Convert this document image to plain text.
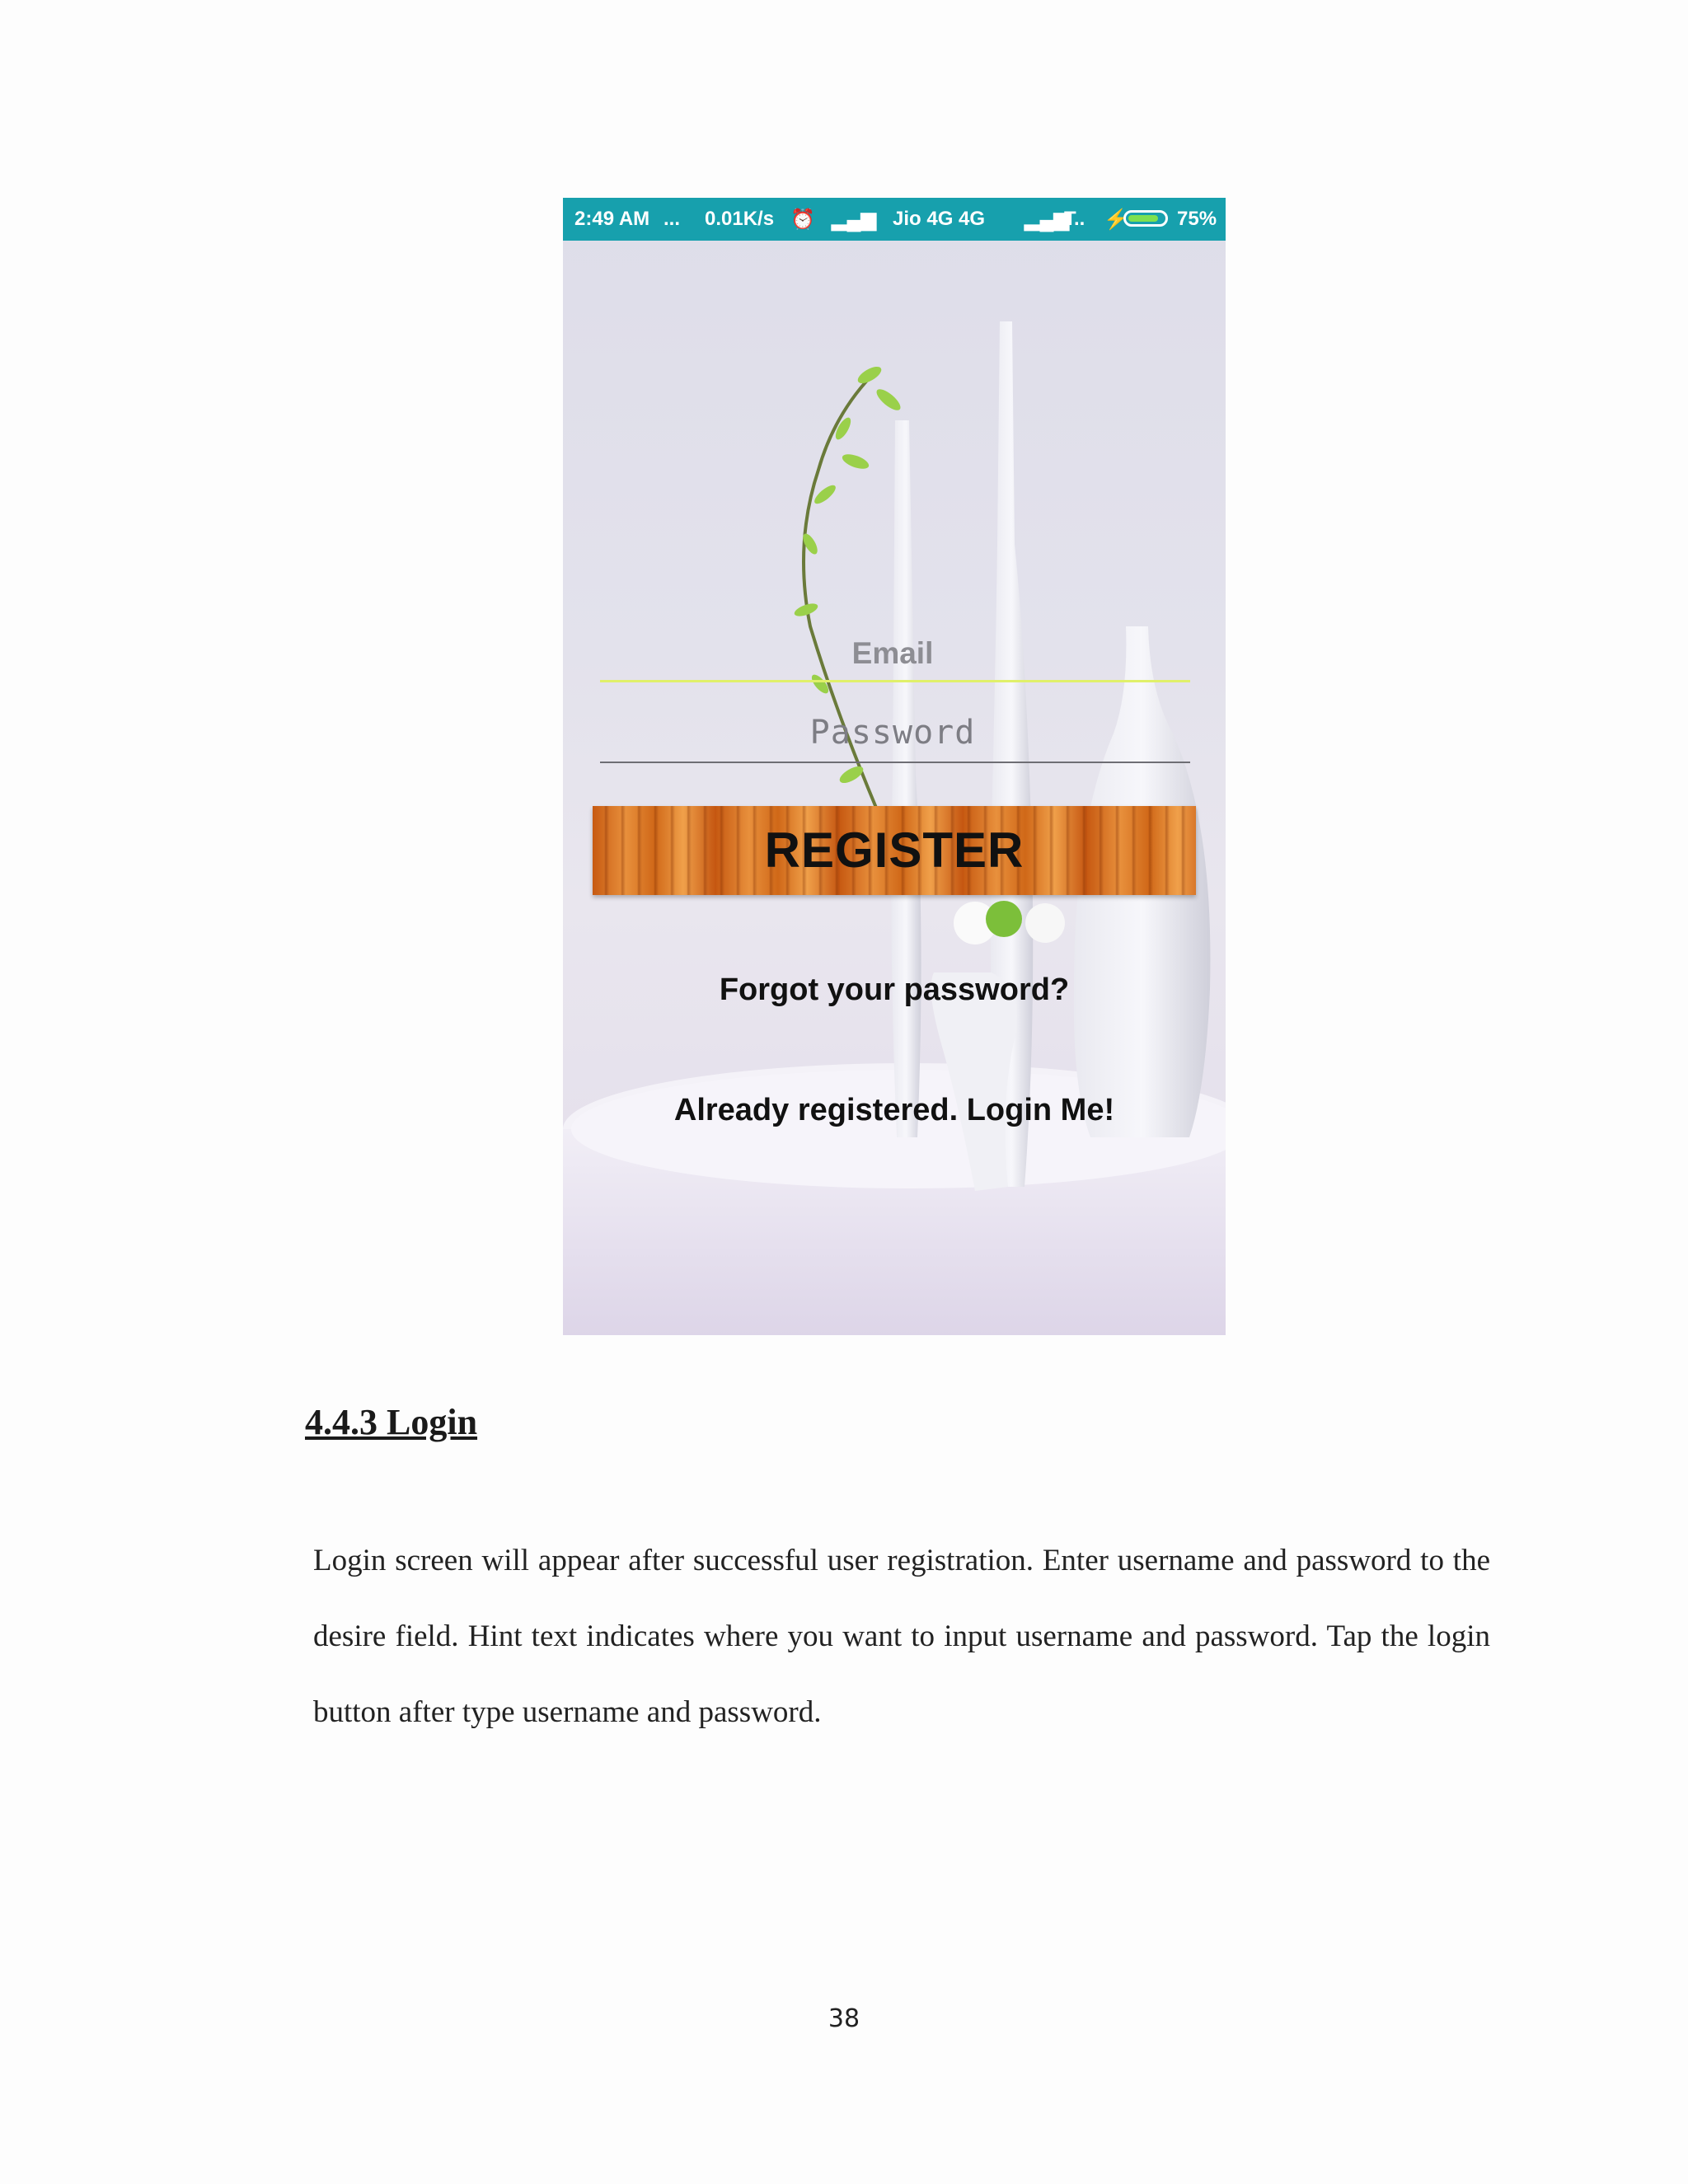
2:49 AM ... 0.01K/s ⏰ ▂▄▆ Jio 4G 4G ▂▄▆
T.. ⚡ 75%
Email
Password
REGISTER
Forgot your password?
Already registered. Login Me!
4.4.3 Login
Login screen will appear after successful user registration. Enter username and password to the desire field. Hint text indicates where you want to input username and password. Tap the login button after type username and password.
38
